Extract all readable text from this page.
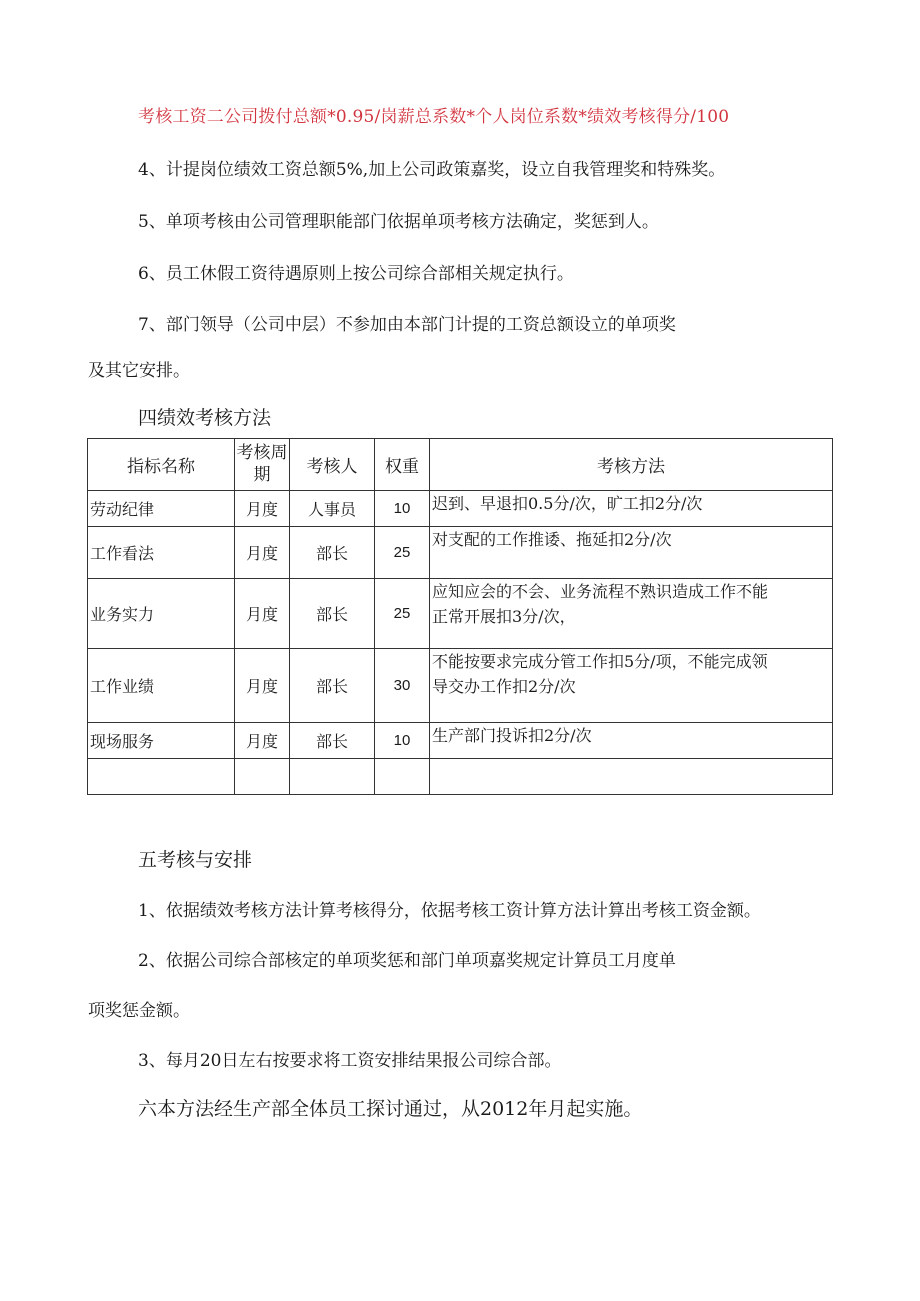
考核工资二公司拨付总额*0.95/岗薪总系数*个人岗位系数*绩效考核得分/100
4、计提岗位绩效工资总额5%,加上公司政策嘉奖，设立自我管理奖和特殊奖。
5、单项考核由公司管理职能部门依据单项考核方法确定，奖惩到人。
6、员工休假工资待遇原则上按公司综合部相关规定执行。
7、部门领导（公司中层）不参加由本部门计提的工资总额设立的单项奖
及其它安排。
四绩效考核方法
指标名称	考核周期	考核人	权重	考核方法
劳动纪律	月度	人事员	10	迟到、早退扣0.5分/次，旷工扣2分/次

工作看法	月度	部长	25	对支配的工作推诿、拖延扣2分/次

业务实力	月度	部长	25	应知应会的不会、业务流程不熟识造成工作不能
正常开展扣3分/次，

工作业绩	月度	部长	30	不能按要求完成分管工作扣5分/项，不能完成领
导交办工作扣2分/次

现场服务	月度	部长	10	生产部门投诉扣2分/次

五考核与安排
1、依据绩效考核方法计算考核得分，依据考核工资计算方法计算出考核工资金额。
2、依据公司综合部核定的单项奖惩和部门单项嘉奖规定计算员工月度单
项奖惩金额。
3、每月20日左右按要求将工资安排结果报公司综合部。
六本方法经生产部全体员工探讨通过，从2012年月起实施。
